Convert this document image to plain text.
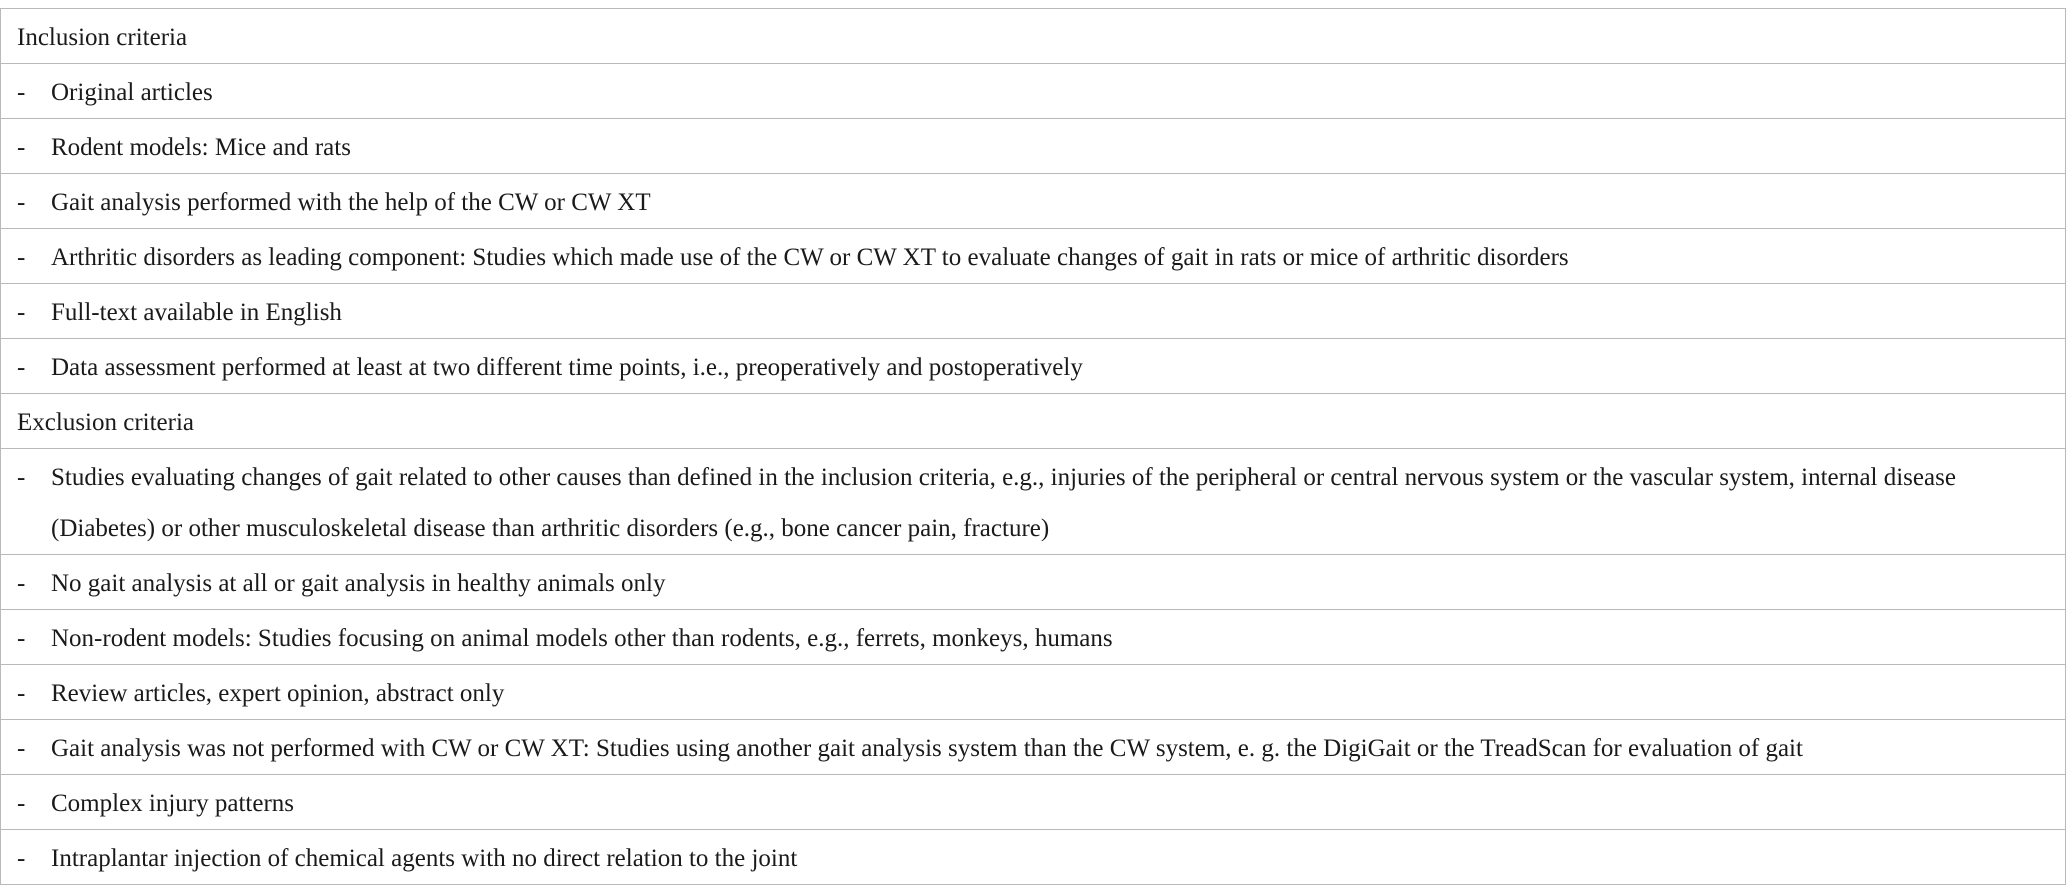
Inclusion criteria

-	Original articles

-	Rodent models: Mice and rats

-	Gait analysis performed with the help of the CW or CW XT

-	Arthritic disorders as leading component: Studies which made use of the CW or CW XT to evaluate changes of gait in rats or mice of arthritic disorders

-	Full-text available in English

-	Data assessment performed at least at two different time points, i.e., preoperatively and postoperatively

Exclusion criteria

-	Studies evaluating changes of gait related to other causes than defined in the inclusion criteria, e.g., injuries of the peripheral or central nervous system or the vascular system, internal disease (Diabetes) or other musculoskeletal disease than arthritic disorders (e.g., bone cancer pain, fracture)

-	No gait analysis at all or gait analysis in healthy animals only

-	Non-rodent models: Studies focusing on animal models other than rodents, e.g., ferrets, monkeys, humans

-	Review articles, expert opinion, abstract only

-	Gait analysis was not performed with CW or CW XT: Studies using another gait analysis system than the CW system, e. g. the DigiGait or the TreadScan for evaluation of gait

-	Complex injury patterns

-	Intraplantar injection of chemical agents with no direct relation to the joint
